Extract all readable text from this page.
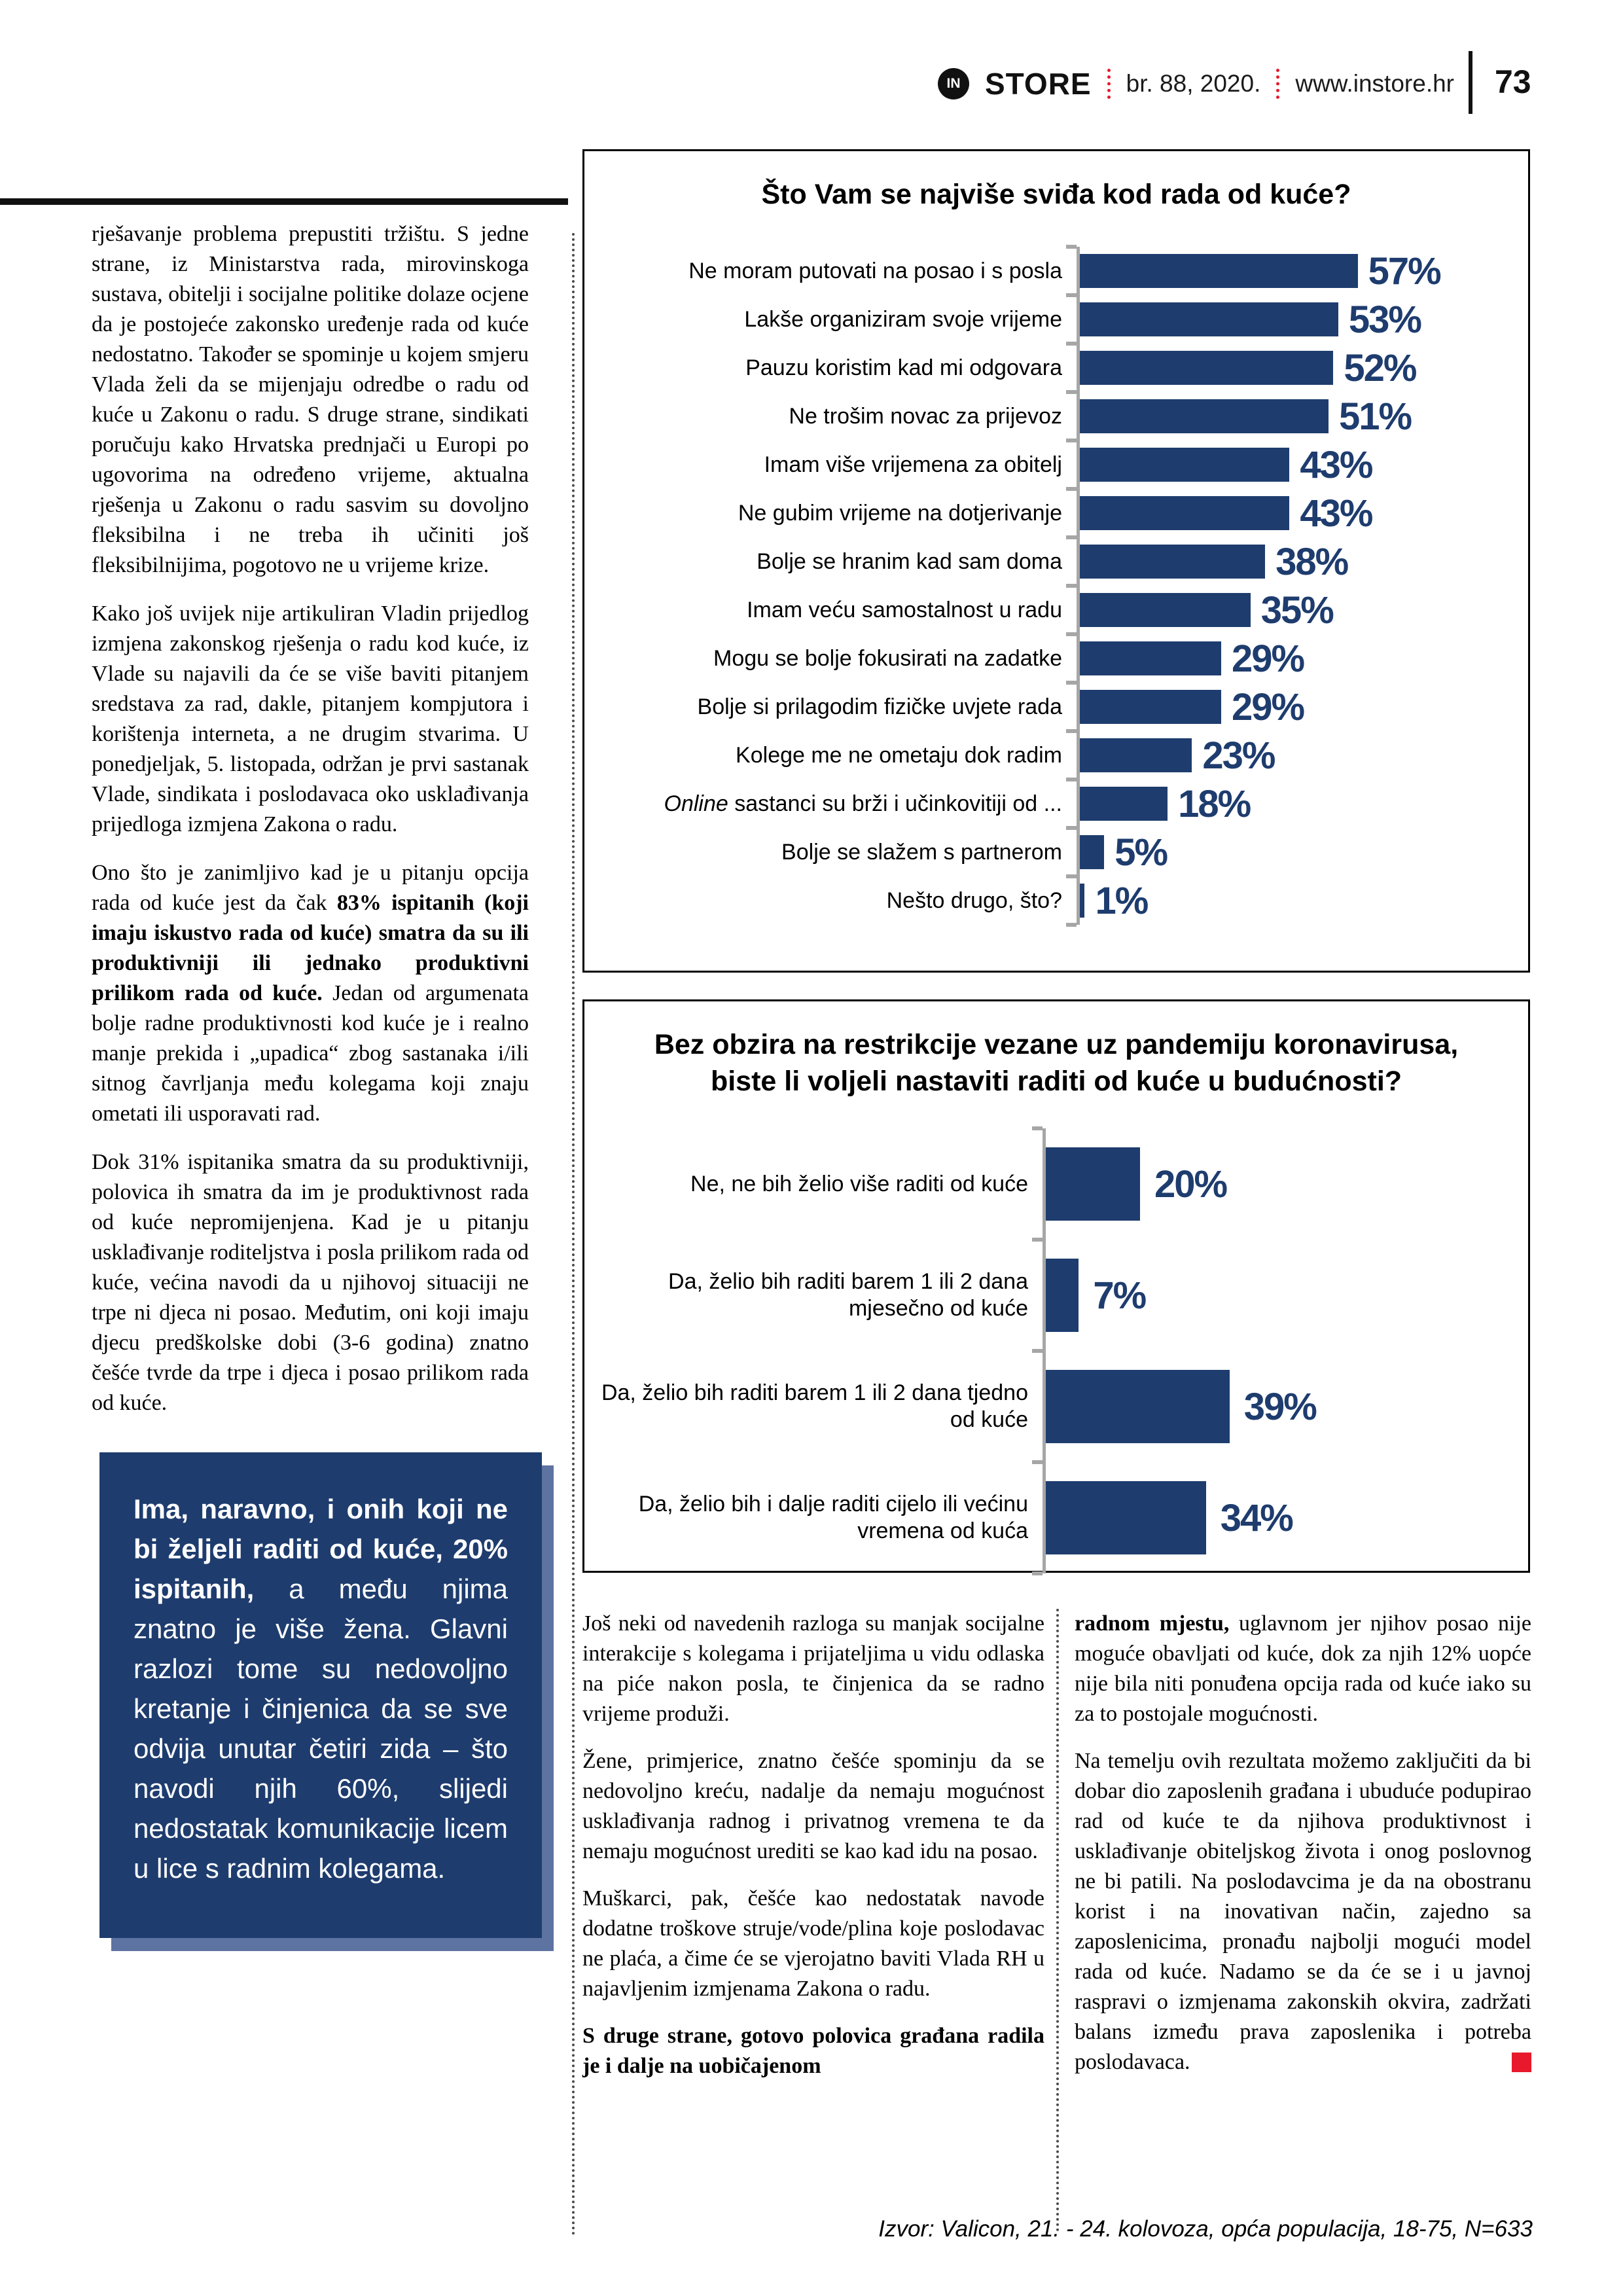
IN STORE br. 88, 2020. www.instore.hr 73

rješavanje problema prepustiti tržištu. S jedne strane, iz Ministarstva rada, mirovinskoga sustava, obitelji i socijalne politike dolaze ocjene da je postojeće zakonsko uređenje rada od kuće nedostatno. Također se spominje u kojem smjeru Vlada želi da se mijenjaju odredbe o radu od kuće u Zakonu o radu. S druge strane, sindikati poručuju kako Hrvatska prednjači u Europi po ugovorima na određeno vrijeme, aktualna rješenja u Zakonu o radu sasvim su dovoljno fleksibilna i ne treba ih učiniti još fleksibilnijima, pogotovo ne u vrijeme krize.

Kako još uvijek nije artikuliran Vladin prijedlog izmjena zakonskog rješenja o radu kod kuće, iz Vlade su najavili da će se više baviti pitanjem sredstava za rad, dakle, pitanjem kompjutora i korištenja interneta, a ne drugim stvarima. U ponedjeljak, 5. listopada, održan je prvi sastanak Vlade, sindikata i poslodavaca oko usklađivanja prijedloga izmjena Zakona o radu.

Ono što je zanimljivo kad je u pitanju opcija rada od kuće jest da čak 83% ispitanih (koji imaju iskustvo rada od kuće) smatra da su ili produktivniji ili jednako produktivni prilikom rada od kuće. Jedan od argumenata bolje radne produktivnosti kod kuće je i realno manje prekida i „upadica“ zbog sastanaka i/ili sitnog čavrljanja među kolegama koji znaju ometati ili usporavati rad.

Dok 31% ispitanika smatra da su produktivniji, polovica ih smatra da im je produktivnost rada od kuće nepromijenjena. Kad je u pitanju usklađivanje roditeljstva i posla prilikom rada od kuće, većina navodi da u njihovoj situaciji ne trpe ni djeca ni posao. Međutim, oni koji imaju djecu predškolske dobi (3-6 godina) znatno češće tvrde da trpe i djeca i posao prilikom rada od kuće.

Ima, naravno, i onih koji ne bi željeli raditi od kuće, 20% ispitanih, a među njima znatno je više žena. Glavni razlozi tome su nedovoljno kretanje i činjenica da se sve odvija unutar četiri zida – što navodi njih 60%, slijedi nedostatak komunikacije licem u lice s radnim kolegama.

Što Vam se najviše sviđa kod rada od kuće?
Ne moram putovati na posao i s posla	57%
Lakše organiziram svoje vrijeme	53%
Pauzu koristim kad mi odgovara	52%
Ne trošim novac za prijevoz	51%
Imam više vrijemena za obitelj	43%
Ne gubim vrijeme na dotjerivanje	43%
Bolje se hranim kad sam doma	38%
Imam veću samostalnost u radu	35%
Mogu se bolje fokusirati na zadatke	29%
Bolje si prilagodim fizičke uvjete rada	29%
Kolege me ne ometaju dok radim	23%
Online sastanci su brži i učinkovitiji od ...	18%
Bolje se slažem s partnerom	5%
Nešto drugo, što? 1%
Bez obzira na restrikcije vezane uz pandemiju koronavirusa, biste li voljeli nastaviti raditi od kuće u budućnosti?
Ne, ne bih želio više raditi od kuće	20%
Da, želio bih raditi barem 1 ili 2 dana mjesečno od kuće	7%
Da, želio bih raditi barem 1 ili 2 dana tjedno od kuće	39%
Da, želio bih i dalje raditi cijelo ili većinu vremena od kuća	34%

Još neki od navedenih razloga su manjak socijalne interakcije s kolegama i prijateljima u vidu odlaska na piće nakon posla, te činjenica da se radno vrijeme produži.

Žene, primjerice, znatno češće spominju da se nedovoljno kreću, nadalje da nemaju mogućnost usklađivanja radnog i privatnog vremena te da nemaju mogućnost urediti se kao kad idu na posao.

Muškarci, pak, češće kao nedostatak navode dodatne troškove struje/vode/plina koje poslodavac ne plaća, a čime će se vjerojatno baviti Vlada RH u najavljenim izmjenama Zakona o radu.

S druge strane, gotovo polovica građana radila je i dalje na uobičajenom

radnom mjestu, uglavnom jer njihov posao nije moguće obavljati od kuće, dok za njih 12% uopće nije bila niti ponuđena opcija rada od kuće iako su za to postojale mogućnosti.

Na temelju ovih rezultata možemo zaključiti da bi dobar dio zaposlenih građana i ubuduće podupirao rad od kuće te da njihova produktivnost i usklađivanje obiteljskog života i onog poslovnog ne bi patili. Na poslodavcima je da na obostranu korist i na inovativan način, zajedno sa zaposlenicima, pronađu najbolji mogući model rada od kuće. Nadamo se da će se i u javnoj raspravi o izmjenama zakonskih okvira, zadržati balans između prava zaposlenika i potreba poslodavaca.

Izvor: Valicon, 21. - 24. kolovoza, opća populacija, 18-75, N=633
